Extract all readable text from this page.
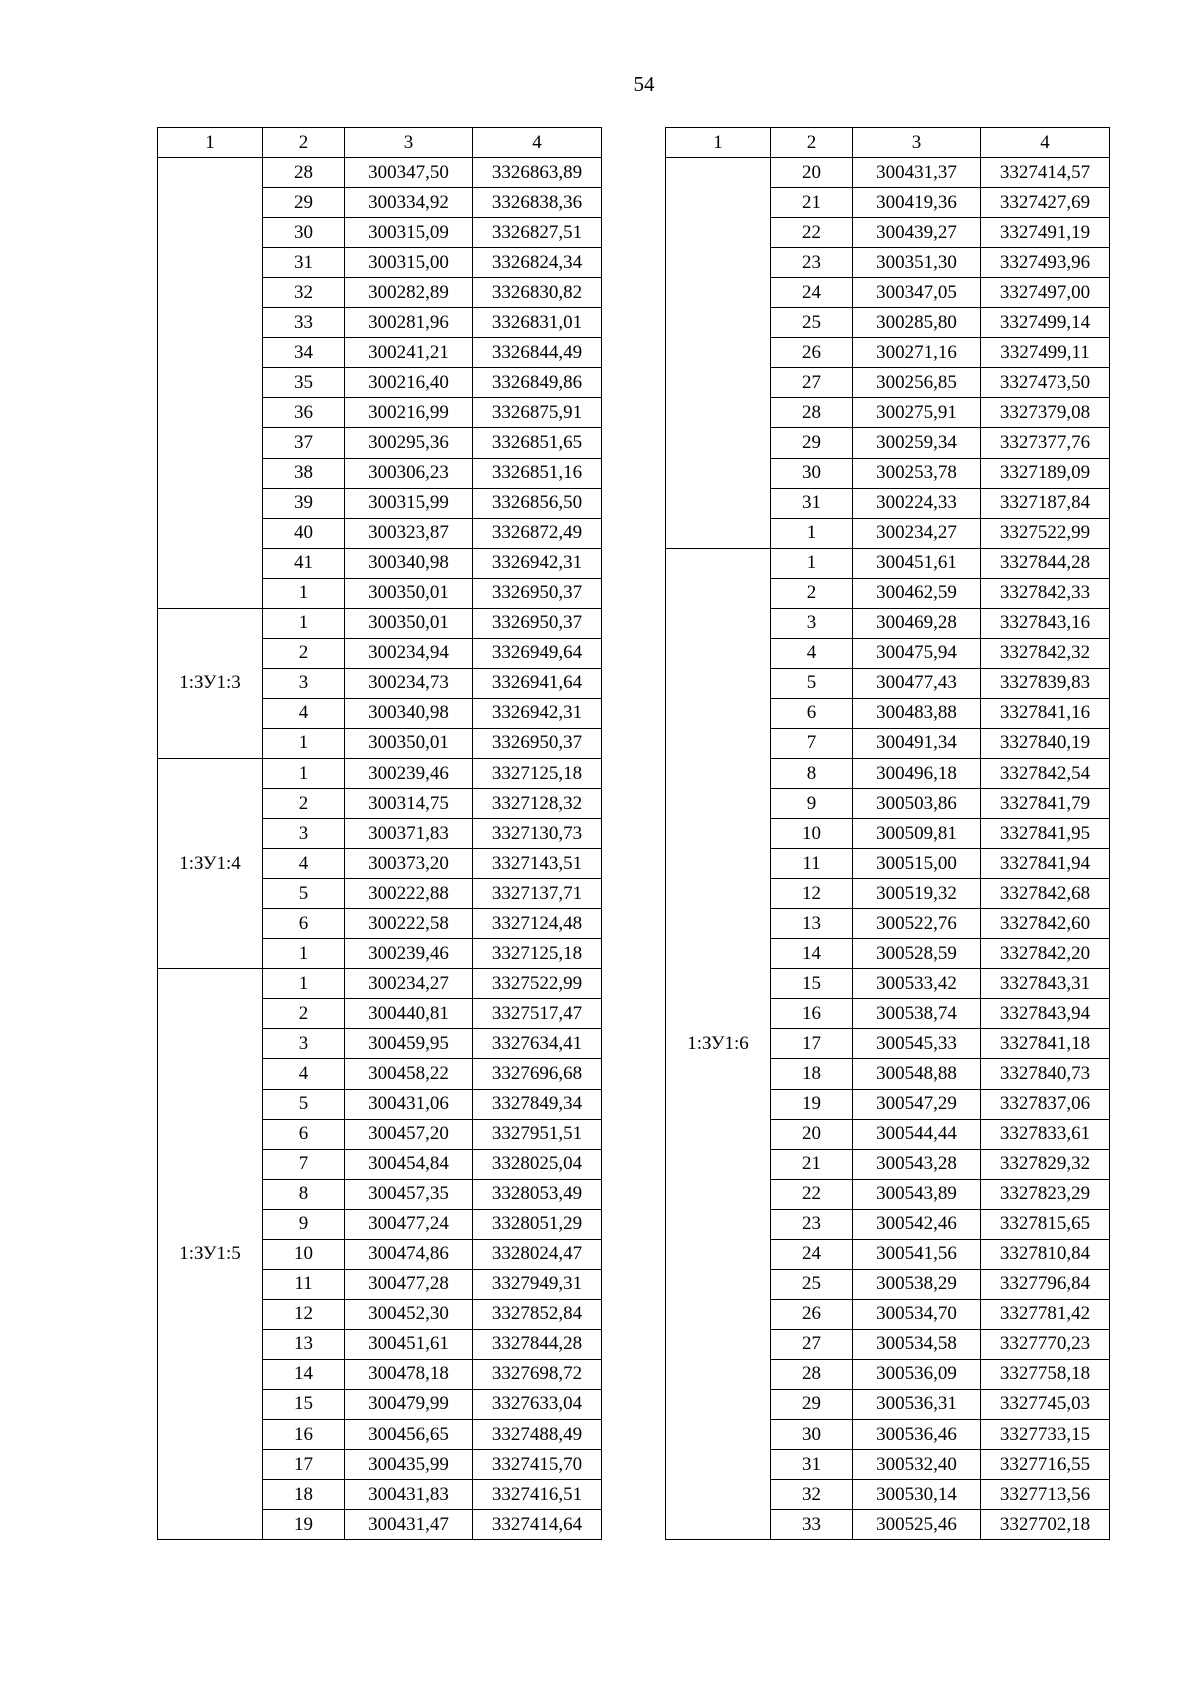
54
1	2	3	4
	28	300347,50	3326863,89
	29	300334,92	3326838,36
	30	300315,09	3326827,51
	31	300315,00	3326824,34
	32	300282,89	3326830,82
	33	300281,96	3326831,01
	34	300241,21	3326844,49
	35	300216,40	3326849,86
	36	300216,99	3326875,91
	37	300295,36	3326851,65
	38	300306,23	3326851,16
	39	300315,99	3326856,50
	40	300323,87	3326872,49
	41	300340,98	3326942,31
	1	300350,01	3326950,37
1:ЗУ1:3	1	300350,01	3326950,37
	2	300234,94	3326949,64
	3	300234,73	3326941,64
	4	300340,98	3326942,31
	1	300350,01	3326950,37
1:ЗУ1:4	1	300239,46	3327125,18
	2	300314,75	3327128,32
	3	300371,83	3327130,73
	4	300373,20	3327143,51
	5	300222,88	3327137,71
	6	300222,58	3327124,48
	1	300239,46	3327125,18
1:ЗУ1:5	1	300234,27	3327522,99
	2	300440,81	3327517,47
	3	300459,95	3327634,41
	4	300458,22	3327696,68
	5	300431,06	3327849,34
	6	300457,20	3327951,51
	7	300454,84	3328025,04
	8	300457,35	3328053,49
	9	300477,24	3328051,29
	10	300474,86	3328024,47
	11	300477,28	3327949,31
	12	300452,30	3327852,84
	13	300451,61	3327844,28
	14	300478,18	3327698,72
	15	300479,99	3327633,04
	16	300456,65	3327488,49
	17	300435,99	3327415,70
	18	300431,83	3327416,51
	19	300431,47	3327414,64
1	2	3	4
	20	300431,37	3327414,57
	21	300419,36	3327427,69
	22	300439,27	3327491,19
	23	300351,30	3327493,96
	24	300347,05	3327497,00
	25	300285,80	3327499,14
	26	300271,16	3327499,11
	27	300256,85	3327473,50
	28	300275,91	3327379,08
	29	300259,34	3327377,76
	30	300253,78	3327189,09
	31	300224,33	3327187,84
	1	300234,27	3327522,99
1:ЗУ1:6	1	300451,61	3327844,28
	2	300462,59	3327842,33
	3	300469,28	3327843,16
	4	300475,94	3327842,32
	5	300477,43	3327839,83
	6	300483,88	3327841,16
	7	300491,34	3327840,19
	8	300496,18	3327842,54
	9	300503,86	3327841,79
	10	300509,81	3327841,95
	11	300515,00	3327841,94
	12	300519,32	3327842,68
	13	300522,76	3327842,60
	14	300528,59	3327842,20
	15	300533,42	3327843,31
	16	300538,74	3327843,94
	17	300545,33	3327841,18
	18	300548,88	3327840,73
	19	300547,29	3327837,06
	20	300544,44	3327833,61
	21	300543,28	3327829,32
	22	300543,89	3327823,29
	23	300542,46	3327815,65
	24	300541,56	3327810,84
	25	300538,29	3327796,84
	26	300534,70	3327781,42
	27	300534,58	3327770,23
	28	300536,09	3327758,18
	29	300536,31	3327745,03
	30	300536,46	3327733,15
	31	300532,40	3327716,55
	32	300530,14	3327713,56
	33	300525,46	3327702,18
